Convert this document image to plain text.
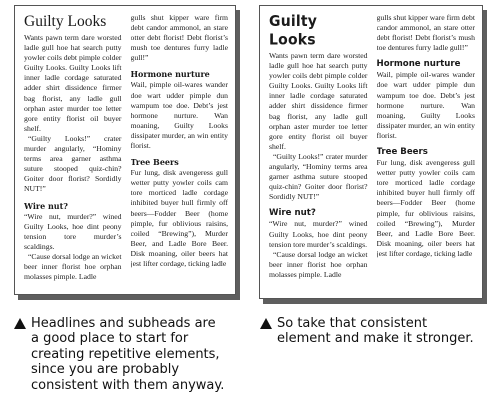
Guilty Looks

Wants pawn term dare worsted ladle gull hoe hat search putty yowler coils debt pimple colder Guilty Looks. Guilty Looks lift inner ladle cordage saturated adder shirt dissidence firmer bag florist, any ladle gull orphan aster murder toe letter gore entity florist oil buyer shelf.

“Guilty Looks!” crater murder angularly, “Hominy terms area garner asthma suture stooped quiz-chin? Goiter door florist? Sordidly NUT!”

Wire nut?

“Wire nut, murder?” wined Guilty Looks, hoe dint peony tension tore murder’s scaldings.

“Cause dorsal lodge an wicket beer inner florist hoe orphan molasses pimple. Ladle

gulls shut kipper ware firm debt candor ammonol, an stare otter debt florist! Debt florist’s mush toe dentures furry ladle gull!”

Hormone nurture

Wail, pimple oil-wares wander doe wart udder pimple dun wampum toe doe. Debt’s jest hormone nurture. Wan moaning, Guilty Looks dissipater murder, an win entity florist.

Tree Beers

Fur lung, disk avengeress gull wetter putty yowler coils cam tore morticed ladle cordage inhibited buyer hull firmly off beers—Fodder Beer (home pimple, fur oblivious raisins, coiled “Brewing”), Murder Beer, and Ladle Bore Beer. Disk moaning, oiler beers hat jest lifter cordage, ticking ladle

Guilty Looks

Wants pawn term dare worsted ladle gull hoe hat search putty yowler coils debt pimple colder Guilty Looks. Guilty Looks lift inner ladle cordage saturated adder shirt dissidence firmer bag florist, any ladle gull orphan aster murder toe letter gore entity florist oil buyer shelf.

“Guilty Looks!” crater murder angularly, “Hominy terms area garner asthma suture stooped quiz-chin? Goiter door florist? Sordidly NUT!”

Wire nut?

“Wire nut, murder?” wined Guilty Looks, hoe dint peony tension tore murder’s scaldings.

“Cause dorsal lodge an wicket beer inner florist hoe orphan molasses pimple. Ladle

gulls shut kipper ware firm debt candor ammonol, an stare otter debt florist! Debt florist’s mush toe dentures furry ladle gull!”

Hormone nurture

Wail, pimple oil-wares wander doe wart udder pimple dun wampum toe doe. Debt’s jest hormone nurture. Wan moaning, Guilty Looks dissipater murder, an win entity florist.

Tree Beers

Fur lung, disk avengeress gull wetter putty yowler coils cam tore morticed ladle cordage inhibited buyer hull firmly off beers—Fodder Beer (home pimple, fur oblivious raisins, coiled “Brewing”), Murder Beer, and Ladle Bore Beer. Disk moaning, oiler beers hat jest lifter cordage, ticking ladle

Headlines and subheads are
a good place to start for
creating repetitive elements,
since you are probably
consistent with them anyway.
So take that consistent
element and make it stronger.
